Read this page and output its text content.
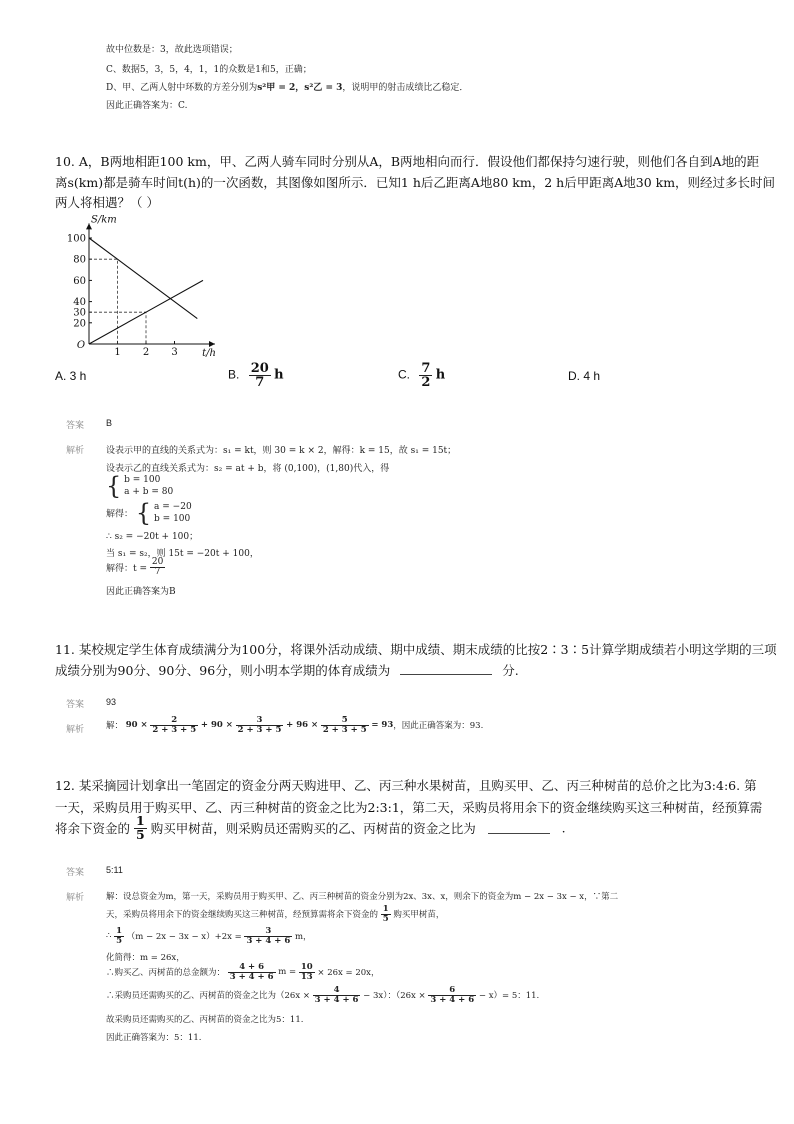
故中位数是：3，故此选项错误；
C、数据5，3，5，4，1，1的众数是1和5，正确；
D、甲、乙两人射中环数的方差分别为s²甲 = 2，s²乙 = 3，说明甲的射击成绩比乙稳定．
因此正确答案为：C.
10. A，B两地相距100 km，甲、乙两人骑车同时分别从A，B两地相向而行．假设他们都保持匀速行驶，则他们各自到A地的距
离s(km)都是骑车时间t(h)的一次函数，其图像如图所示．已知1 h后乙距离A地80 km，2 h后甲距离A地30 km，则经过多长时间
两人将相遇？（ ）
S/km
t/h
O
1 2 3
100
80
60
40
30
20
A. 3 h	B. $\frac{20}{7}$ h	C. $\frac{7}{2}$ h	D. 4 h
答案 B
解析 设表示甲的直线的关系式为：s₁ = kt，则 30 = k × 2，解得：k = 15，故 s₁ = 15t；
设表示乙的直线关系式为：s₂ = at + b，将 (0,100)，(1,80)代入，得
{ b = 100
a + b = 80
解得： { a = −20
b = 100
∴ s₂ = −20t + 100；
当 s₁ = s₂，则 15t = −20t + 100，
解得：$t = \frac{20}{7}$
因此正确答案为B
11. 某校规定学生体育成绩满分为100分，将课外活动成绩、期中成绩、期末成绩的比按2∶3∶5计算学期成绩若小明这学期的三项
成绩分别为90分、90分、96分，则小明本学期的体育成绩为	分.
答案 93
解析	解： $90 \times \frac{2}{2 + 3 + 5} + 90 \times \frac{3}{2 + 3 + 5} + 96 \times \frac{5}{2 + 3 + 5} = 93$，因此正确答案为：93.
12. 某采摘园计划拿出一笔固定的资金分两天购进甲、乙、丙三种水果树苗，且购买甲、乙、丙三种树苗的总价之比为3:4:6. 第
一天，采购员用于购买甲、乙、丙三种树苗的资金之比为2:3:1，第二天，采购员将用余下的资金继续购买这三种树苗，经预算需
将余下资金的 $\frac{1}{5}$ 购买甲树苗，则采购员还需购买的乙、丙树苗的资金之比为	.
答案 5:11
解析	解：设总资金为m，第一天，采购员用于购买甲、乙、丙三种树苗的资金分别为2x、3x、x，则余下的资金为m − 2x − 3x − x，∵第二
天，采购员将用余下的资金继续购买这三种树苗，经预算需将余下资金的 $\frac{1}{5}$ 购买甲树苗，
∴ $\frac{1}{5} (m - 2x - 3x - x)+2x = \frac{3}{3 + 4 + 6}$ m，
化简得：m = 26x，
∴购买乙、丙树苗的总金额为： $\frac{4 + 6}{3 + 4 + 6}$ $m = \frac{10}{13} \times 26x = 20x$，
∴采购员还需购买的乙、丙树苗的资金之比为$(26x \times \frac{4}{3 + 4 + 6} - 3x)$：$(26x \times \frac{6}{3 + 4 + 6} - x)= 5$：11.
故采购员还需购买的乙、丙树苗的资金之比为5：11.
因此正确答案为：5：11.
